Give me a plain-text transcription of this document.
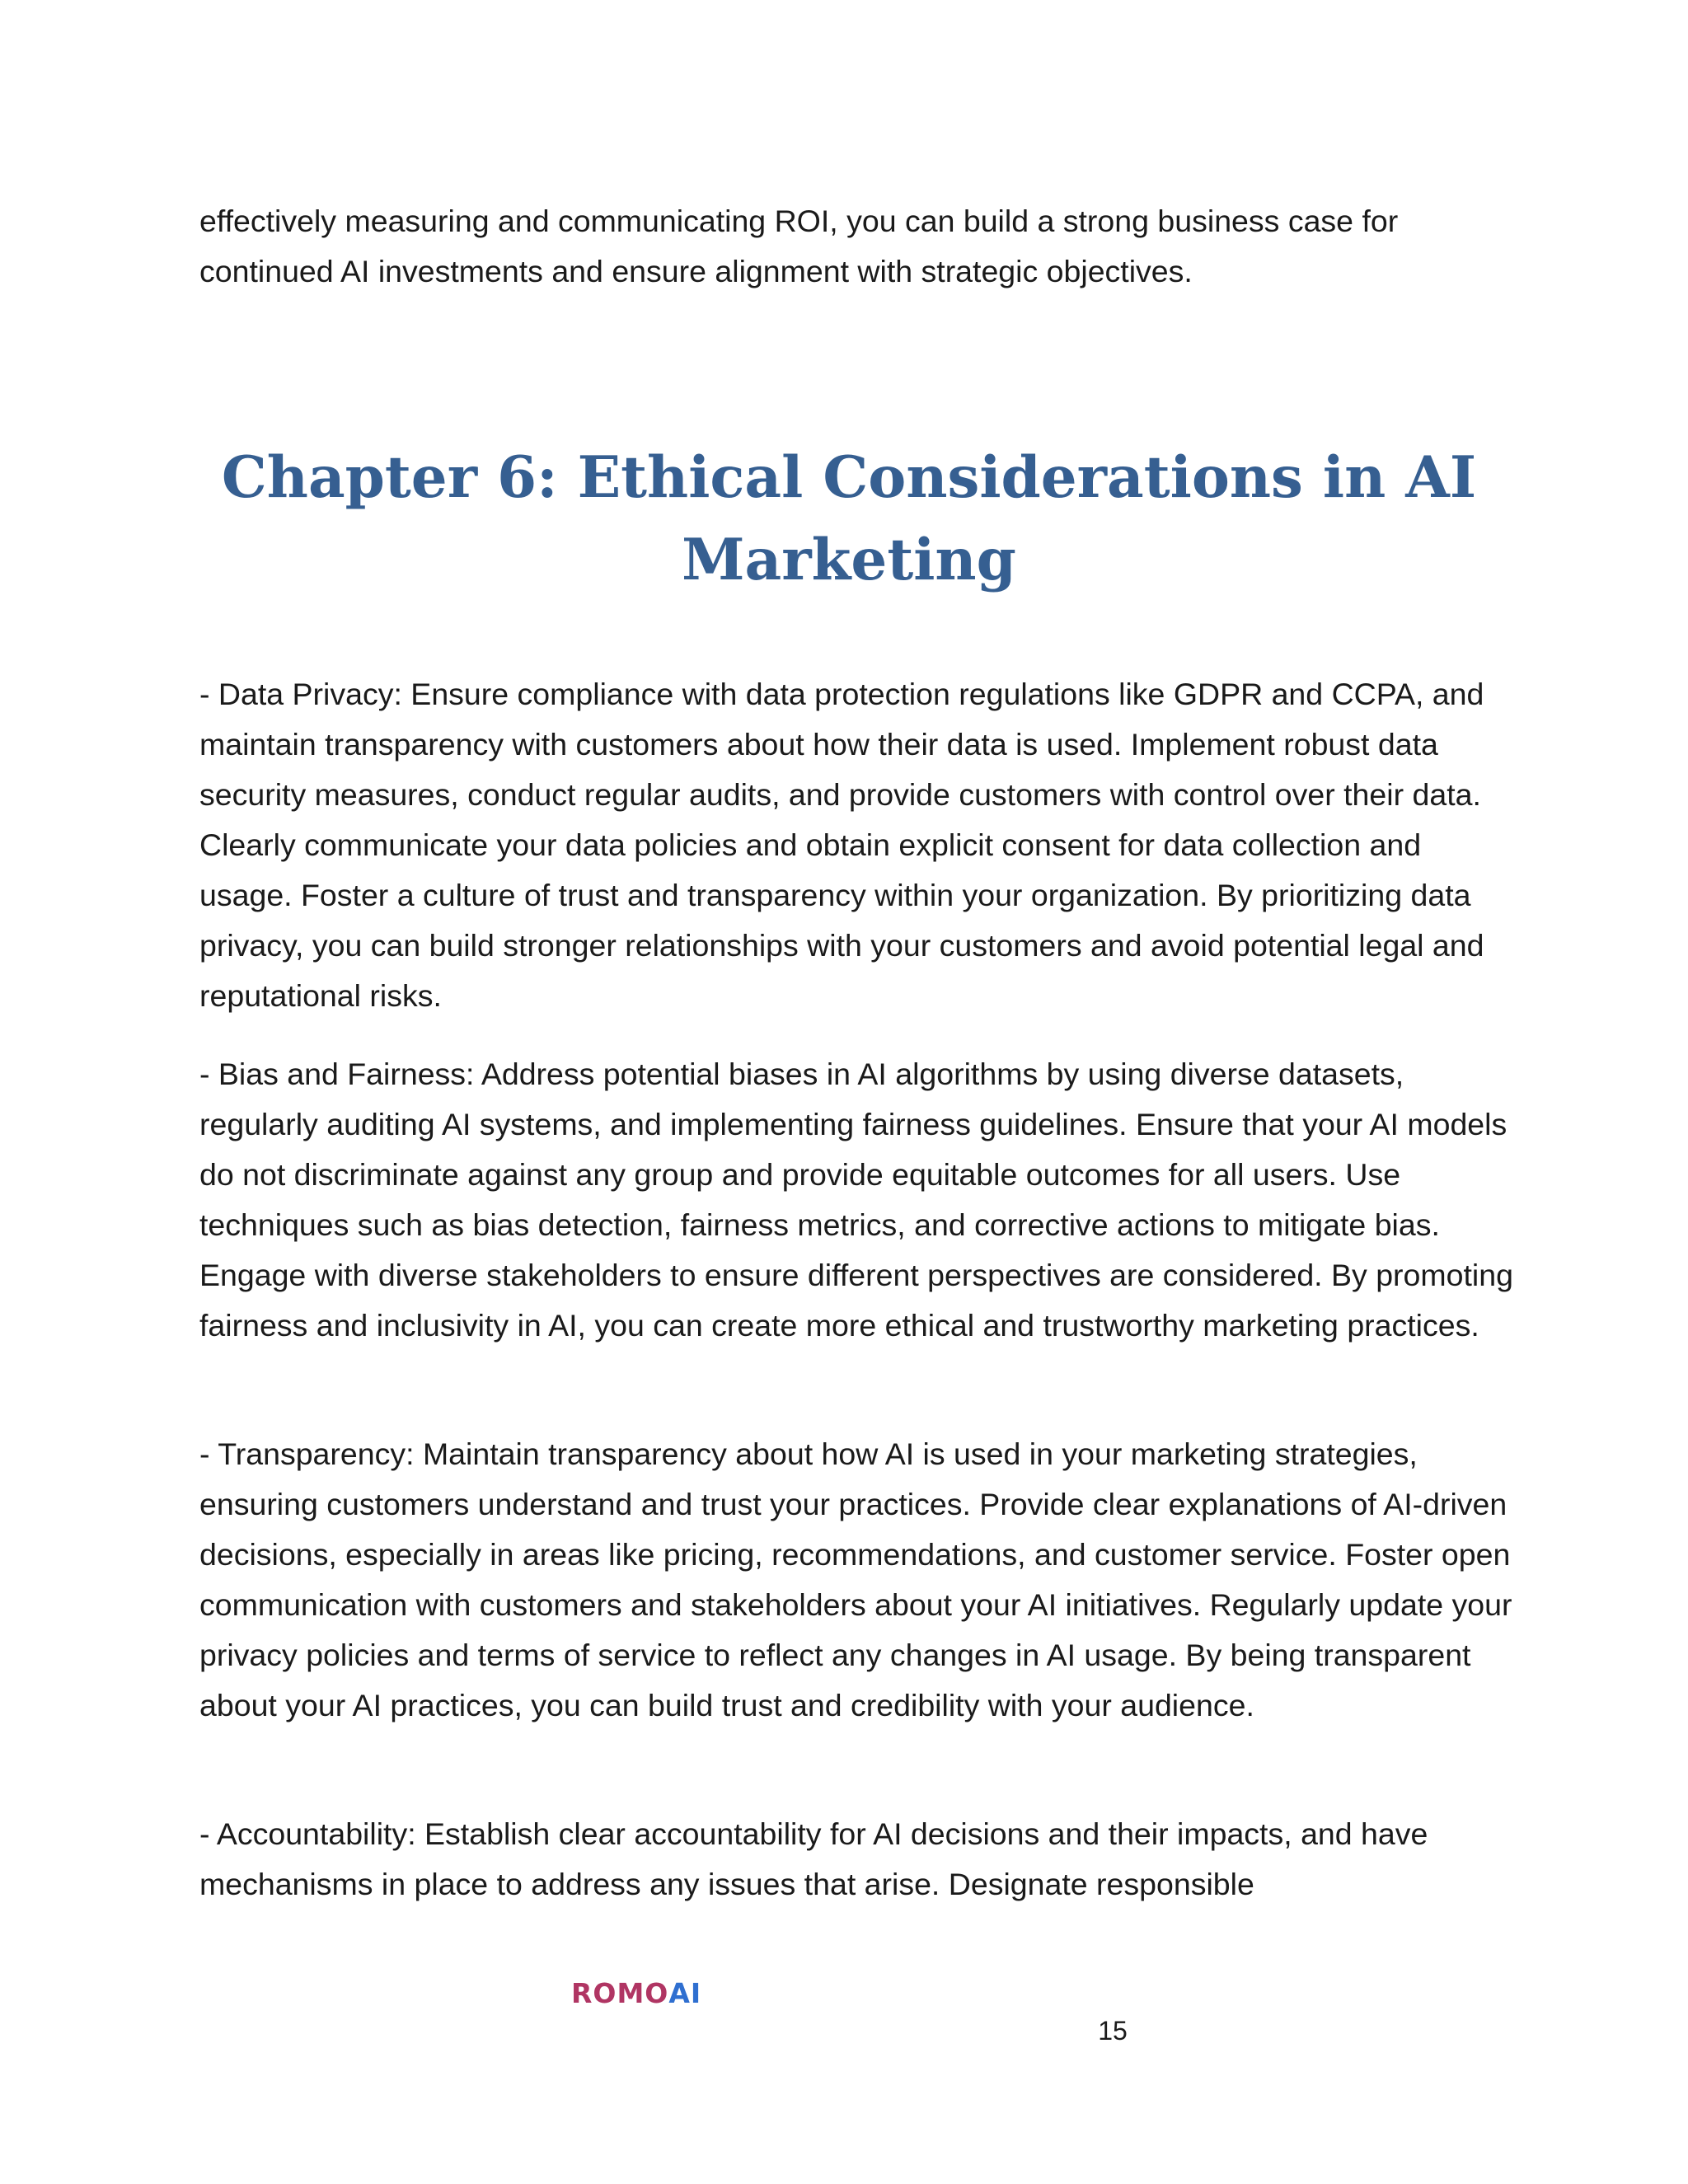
effectively measuring and communicating ROI, you can build a strong business case for continued AI investments and ensure alignment with strategic objectives.

Chapter 6: Ethical Considerations in AI Marketing

- Data Privacy: Ensure compliance with data protection regulations like GDPR and CCPA, and maintain transparency with customers about how their data is used. Implement robust data security measures, conduct regular audits, and provide customers with control over their data. Clearly communicate your data policies and obtain explicit consent for data collection and usage. Foster a culture of trust and transparency within your organization. By prioritizing data privacy, you can build stronger relationships with your customers and avoid potential legal and reputational risks.

- Bias and Fairness: Address potential biases in AI algorithms by using diverse datasets, regularly auditing AI systems, and implementing fairness guidelines. Ensure that your AI models do not discriminate against any group and provide equitable outcomes for all users. Use techniques such as bias detection, fairness metrics, and corrective actions to mitigate bias. Engage with diverse stakeholders to ensure different perspectives are considered. By promoting fairness and inclusivity in AI, you can create more ethical and trustworthy marketing practices.

- Transparency: Maintain transparency about how AI is used in your marketing strategies, ensuring customers understand and trust your practices. Provide clear explanations of AI-driven decisions, especially in areas like pricing, recommendations, and customer service. Foster open communication with customers and stakeholders about your AI initiatives. Regularly update your privacy policies and terms of service to reflect any changes in AI usage. By being transparent about your AI practices, you can build trust and credibility with your audience.

- Accountability: Establish clear accountability for AI decisions and their impacts, and have mechanisms in place to address any issues that arise. Designate responsible

ROMO AI
15
